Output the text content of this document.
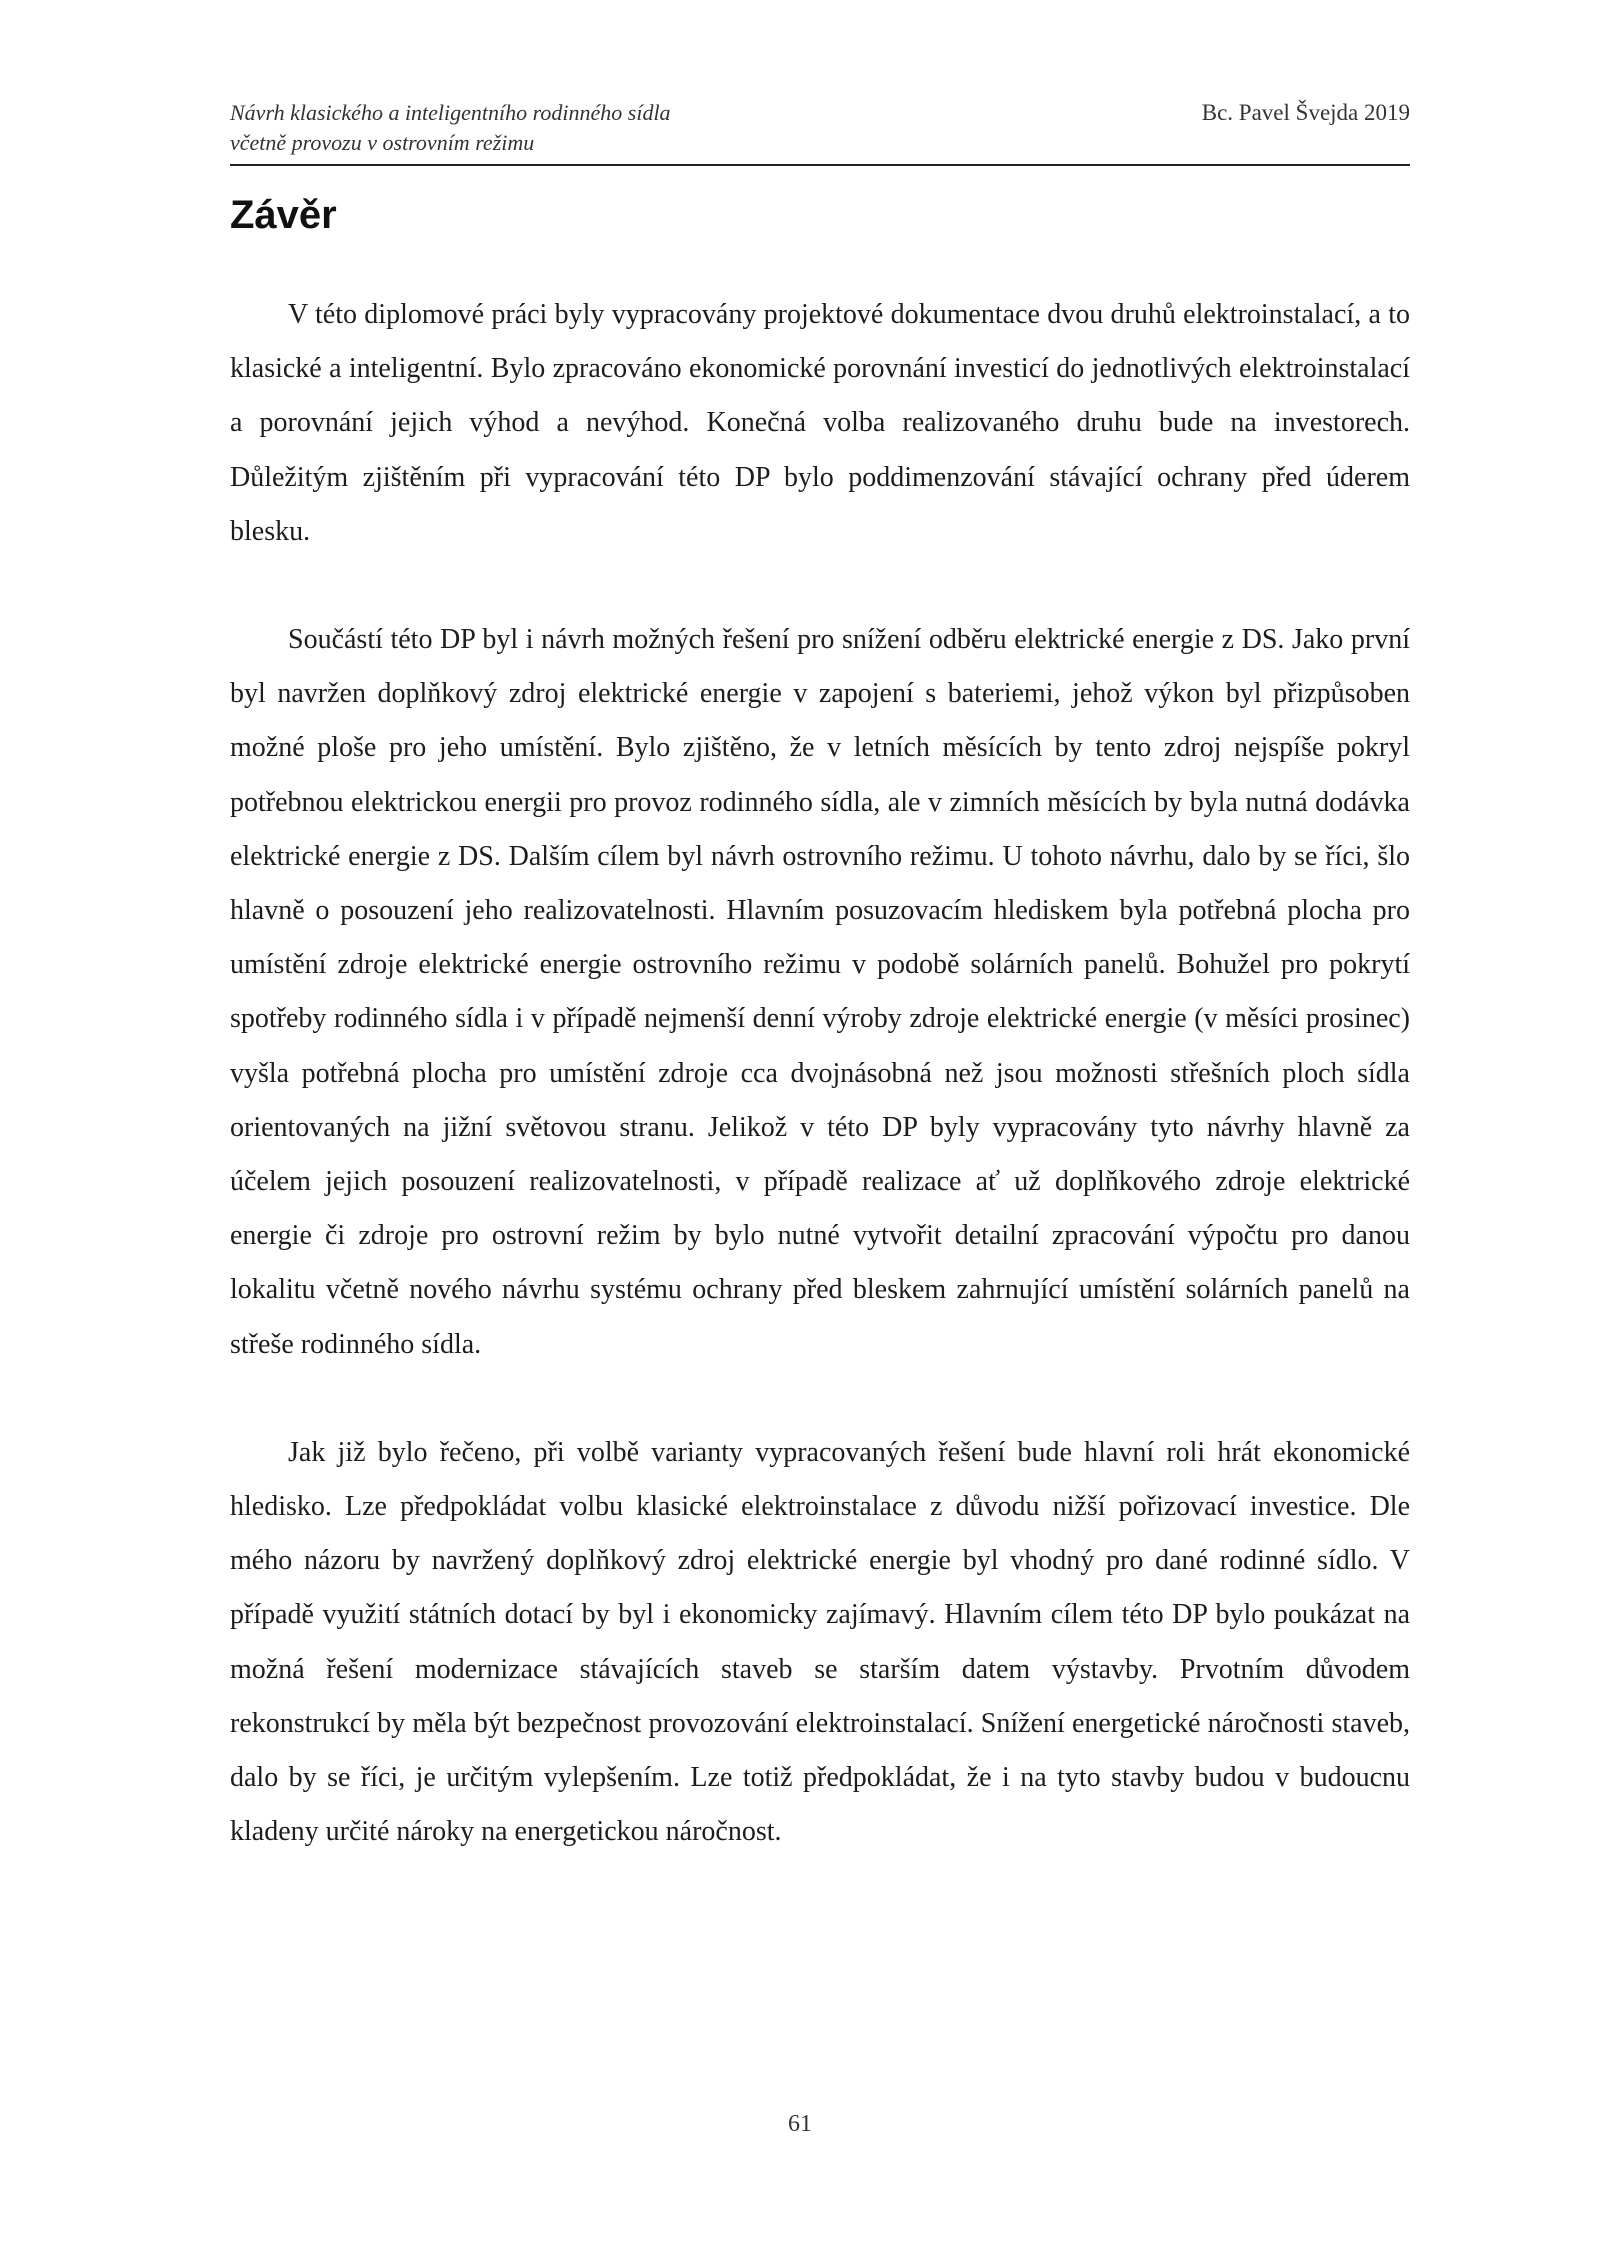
Návrh klasického a inteligentního rodinného sídla
včetně provozu v ostrovním režimu
Bc. Pavel Švejda 2019
Závěr

V této diplomové práci byly vypracovány projektové dokumentace dvou druhů elektroinstalací, a to klasické a inteligentní. Bylo zpracováno ekonomické porovnání investicí do jednotlivých elektroinstalací a porovnání jejich výhod a nevýhod. Konečná volba realizovaného druhu bude na investorech. Důležitým zjištěním při vypracování této DP bylo poddimenzování stávající ochrany před úderem blesku.

Součástí této DP byl i návrh možných řešení pro snížení odběru elektrické energie z DS. Jako první byl navržen doplňkový zdroj elektrické energie v zapojení s bateriemi, jehož výkon byl přizpůsoben možné ploše pro jeho umístění. Bylo zjištěno, že v letních měsících by tento zdroj nejspíše pokryl potřebnou elektrickou energii pro provoz rodinného sídla, ale v zimních měsících by byla nutná dodávka elektrické energie z DS. Dalším cílem byl návrh ostrovního režimu. U tohoto návrhu, dalo by se říci, šlo hlavně o posouzení jeho realizovatelnosti. Hlavním posuzovacím hlediskem byla potřebná plocha pro umístění zdroje elektrické energie ostrovního režimu v podobě solárních panelů. Bohužel pro pokrytí spotřeby rodinného sídla i v případě nejmenší denní výroby zdroje elektrické energie (v měsíci prosinec) vyšla potřebná plocha pro umístění zdroje cca dvojnásobná než jsou možnosti střešních ploch sídla orientovaných na jižní světovou stranu. Jelikož v této DP byly vypracovány tyto návrhy hlavně za účelem jejich posouzení realizovatelnosti, v případě realizace ať už doplňkového zdroje elektrické energie či zdroje pro ostrovní režim by bylo nutné vytvořit detailní zpracování výpočtu pro danou lokalitu včetně nového návrhu systému ochrany před bleskem zahrnující umístění solárních panelů na střeše rodinného sídla.

Jak již bylo řečeno, při volbě varianty vypracovaných řešení bude hlavní roli hrát ekonomické hledisko. Lze předpokládat volbu klasické elektroinstalace z důvodu nižší pořizovací investice. Dle mého názoru by navržený doplňkový zdroj elektrické energie byl vhodný pro dané rodinné sídlo. V případě využití státních dotací by byl i ekonomicky zajímavý. Hlavním cílem této DP bylo poukázat na možná řešení modernizace stávajících staveb se starším datem výstavby. Prvotním důvodem rekonstrukcí by měla být bezpečnost provozování elektroinstalací. Snížení energetické náročnosti staveb, dalo by se říci, je určitým vylepšením. Lze totiž předpokládat, že i na tyto stavby budou v budoucnu kladeny určité nároky na energetickou náročnost.

61
